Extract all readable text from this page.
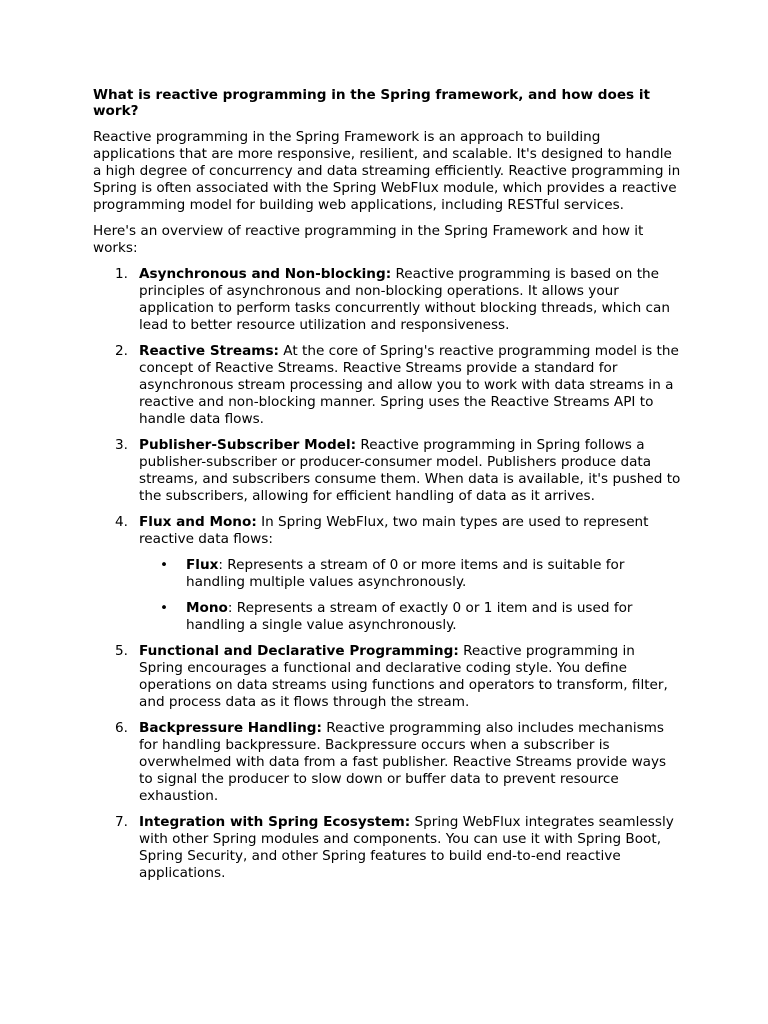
What is reactive programming in the Spring framework, and how does it work?

Reactive programming in the Spring Framework is an approach to building applications that are more responsive, resilient, and scalable. It's designed to handle a high degree of concurrency and data streaming efficiently. Reactive programming in Spring is often associated with the Spring WebFlux module, which provides a reactive programming model for building web applications, including RESTful services.

Here's an overview of reactive programming in the Spring Framework and how it works:

1. Asynchronous and Non-blocking: Reactive programming is based on the principles of asynchronous and non-blocking operations. It allows your application to perform tasks concurrently without blocking threads, which can lead to better resource utilization and responsiveness.
2. Reactive Streams: At the core of Spring's reactive programming model is the concept of Reactive Streams. Reactive Streams provide a standard for asynchronous stream processing and allow you to work with data streams in a reactive and non-blocking manner. Spring uses the Reactive Streams API to handle data flows.
3. Publisher-Subscriber Model: Reactive programming in Spring follows a publisher-subscriber or producer-consumer model. Publishers produce data streams, and subscribers consume them. When data is available, it's pushed to the subscribers, allowing for efficient handling of data as it arrives.
4. Flux and Mono: In Spring WebFlux, two main types are used to represent reactive data flows:
• Flux: Represents a stream of 0 or more items and is suitable for handling multiple values asynchronously.
• Mono: Represents a stream of exactly 0 or 1 item and is used for handling a single value asynchronously.
5. Functional and Declarative Programming: Reactive programming in Spring encourages a functional and declarative coding style. You define operations on data streams using functions and operators to transform, filter, and process data as it flows through the stream.
6. Backpressure Handling: Reactive programming also includes mechanisms for handling backpressure. Backpressure occurs when a subscriber is overwhelmed with data from a fast publisher. Reactive Streams provide ways to signal the producer to slow down or buffer data to prevent resource exhaustion.
7. Integration with Spring Ecosystem: Spring WebFlux integrates seamlessly with other Spring modules and components. You can use it with Spring Boot, Spring Security, and other Spring features to build end-to-end reactive applications.
